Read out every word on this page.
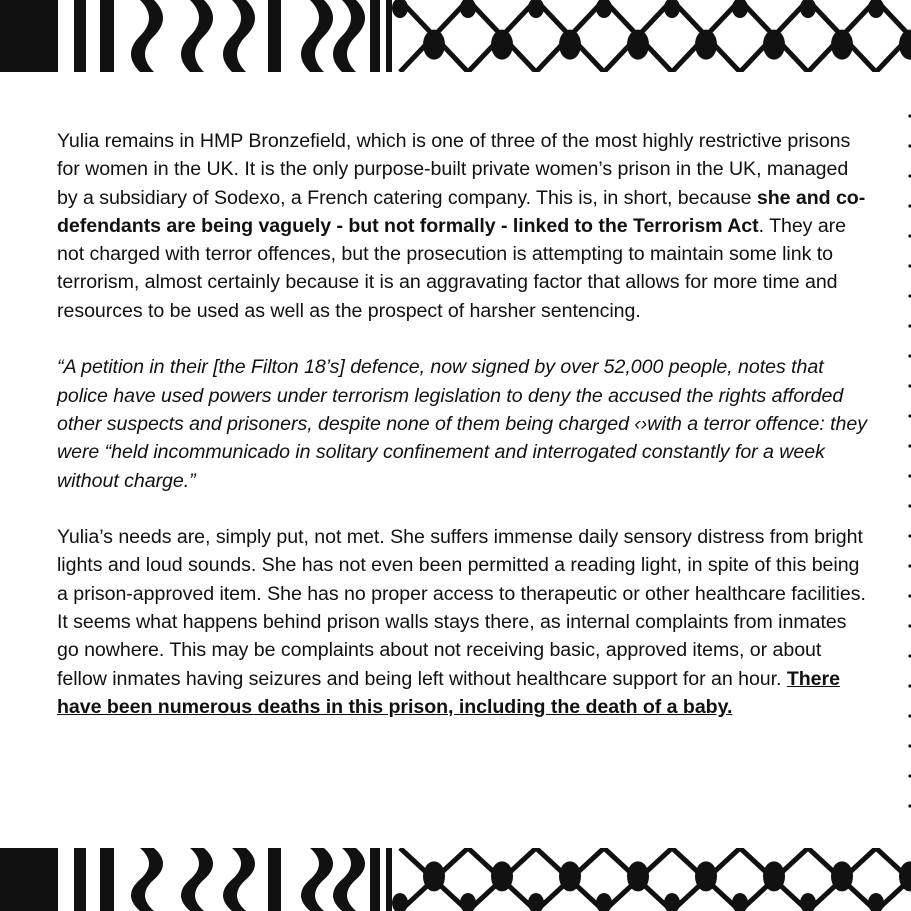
Yulia remains in HMP Bronzefield, which is one of three of the most highly restrictive prisons for women in the UK. It is the only purpose-built private women’s prison in the UK, managed by a subsidiary of Sodexo, a French catering company. This is, in short, because she and co-defendants are being vaguely - but not formally - linked to the Terrorism Act. They are not charged with terror offences, but the prosecution is attempting to maintain some link to terrorism, almost certainly because it is an aggravating factor that allows for more time and resources to be used as well as the prospect of harsher sentencing.

“A petition in their [the Filton 18’s] defence, now signed by over 52,000 people, notes that police have used powers under terrorism legislation to deny the accused the rights afforded other suspects and prisoners, despite none of them being charged ‹›with a terror offence: they were “held incommunicado in solitary confinement and interrogated constantly for a week without charge.”

Yulia’s needs are, simply put, not met. She suffers immense daily sensory distress from bright lights and loud sounds. She has not even been permitted a reading light, in spite of this being a prison-approved item. She has no proper access to therapeutic or other healthcare facilities. It seems what happens behind prison walls stays there, as internal complaints from inmates go nowhere. This may be complaints about not receiving basic, approved items, or about fellow inmates having seizures and being left without healthcare support for an hour. There have been numerous deaths in this prison, including the death of a baby.
